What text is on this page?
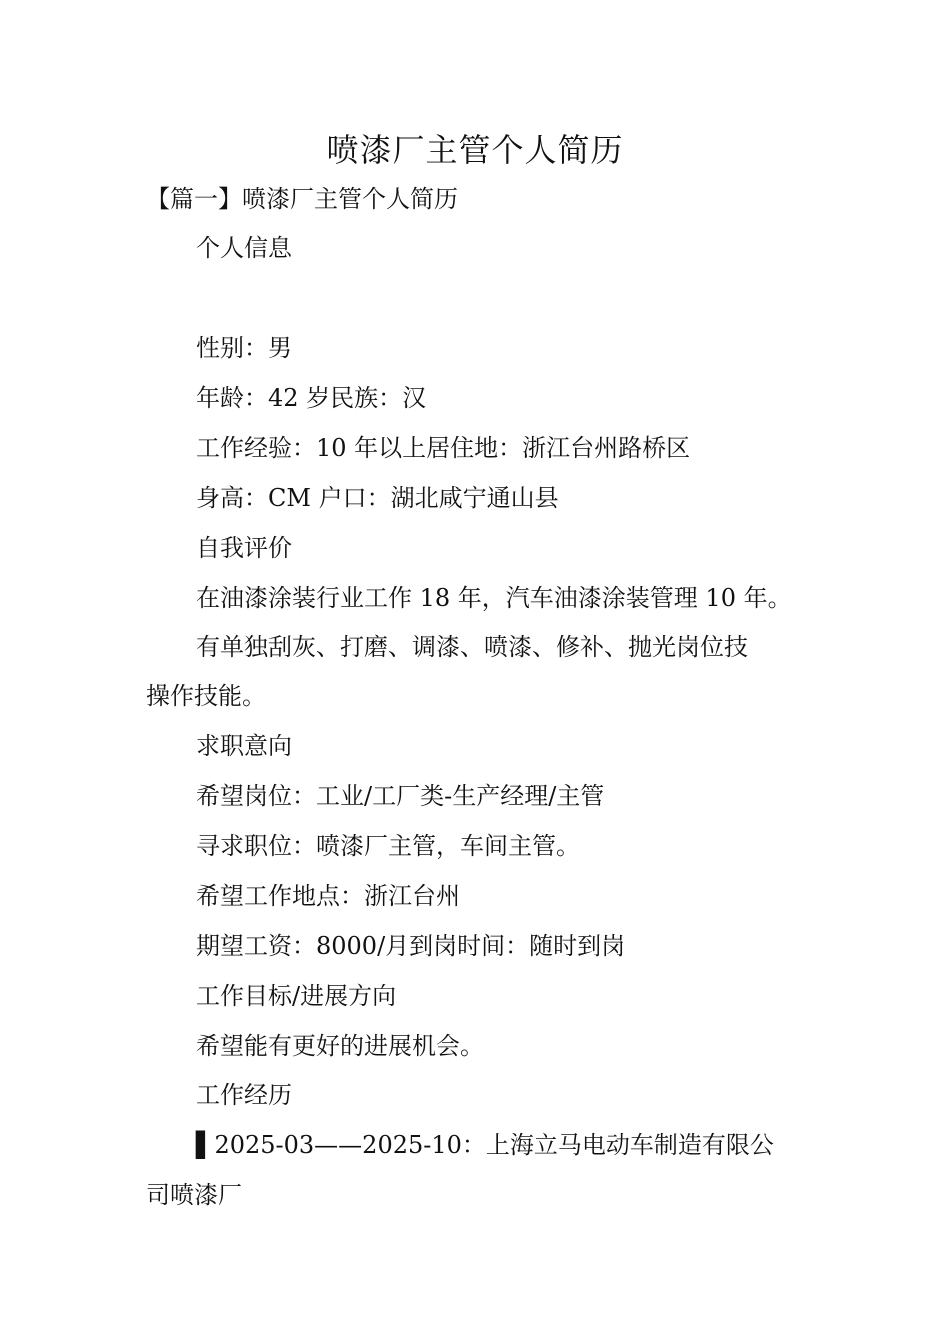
喷漆厂主管个人简历

【篇一】喷漆厂主管个人简历

个人信息

性别：男

年龄：42 岁民族：汉

工作经验：10 年以上居住地：浙江台州路桥区

身高：CM 户口：湖北咸宁通山县

自我评价

在油漆涂装行业工作 18 年，汽车油漆涂装管理 10 年。

有单独刮灰、打磨、调漆、喷漆、修补、抛光岗位技

操作技能。

求职意向

希望岗位：工业/工厂类-生产经理/主管

寻求职位：喷漆厂主管，车间主管。

希望工作地点：浙江台州

期望工资：8000/月到岗时间：随时到岗

工作目标/进展方向

希望能有更好的进展机会。

工作经历

▌2025-03——2025-10：上海立马电动车制造有限公

司喷漆厂
